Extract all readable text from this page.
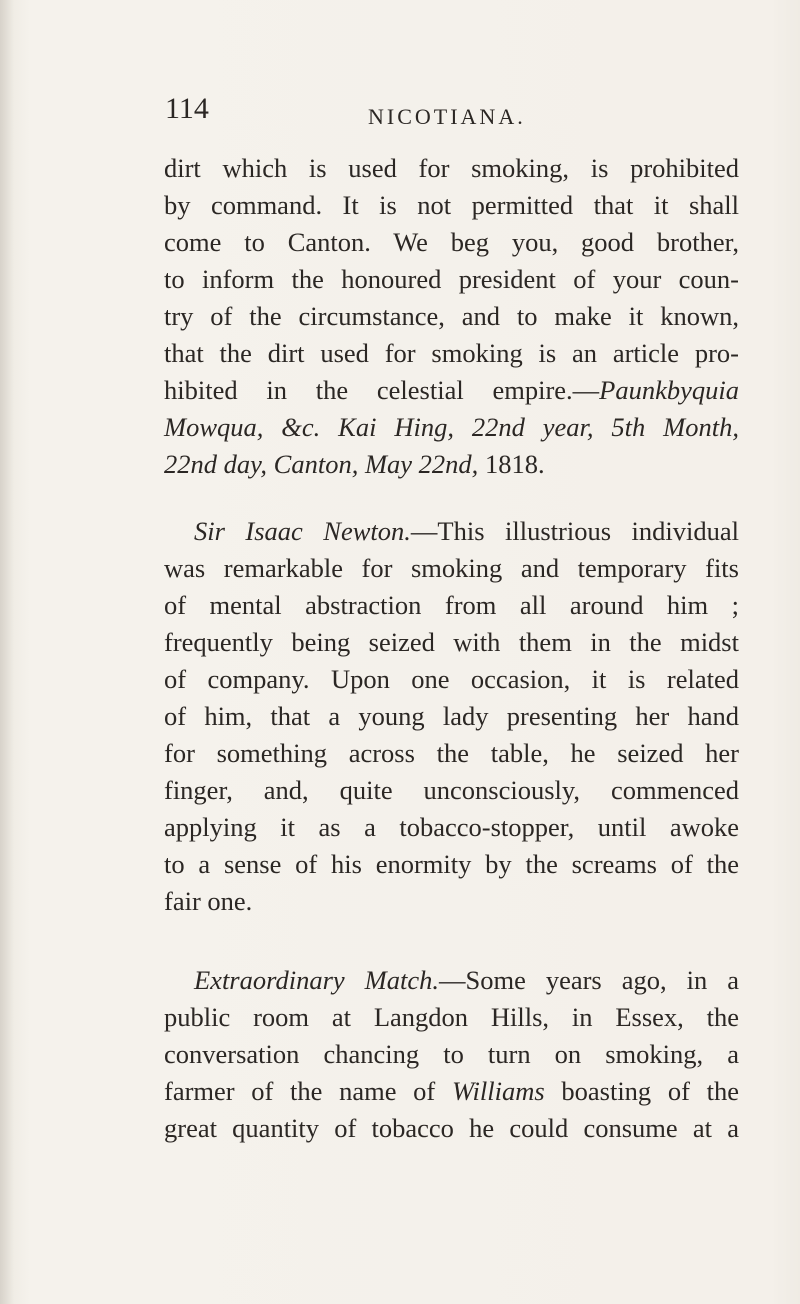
114	NICOTIANA.

dirt which is used for smoking, is prohibited
by command. It is not permitted that it shall
come to Canton. We beg you, good brother,
to inform the honoured president of your coun-
try of the circumstance, and to make it known,
that the dirt used for smoking is an article pro-
hibited in the celestial empire.—Paunkbyquia
Mowqua, &c. Kai Hing, 22nd year, 5th Month,
22nd day, Canton, May 22nd, 1818.

Sir Isaac Newton.—This illustrious individual
was remarkable for smoking and temporary fits
of mental abstraction from all around him ;
frequently being seized with them in the midst
of company. Upon one occasion, it is related
of him, that a young lady presenting her hand
for something across the table, he seized her
finger, and, quite unconsciously, commenced
applying it as a tobacco-stopper, until awoke
to a sense of his enormity by the screams of the
fair one.

Extraordinary Match.—Some years ago, in a
public room at Langdon Hills, in Essex, the
conversation chancing to turn on smoking, a
farmer of the name of Williams boasting of the
great quantity of tobacco he could consume at a
